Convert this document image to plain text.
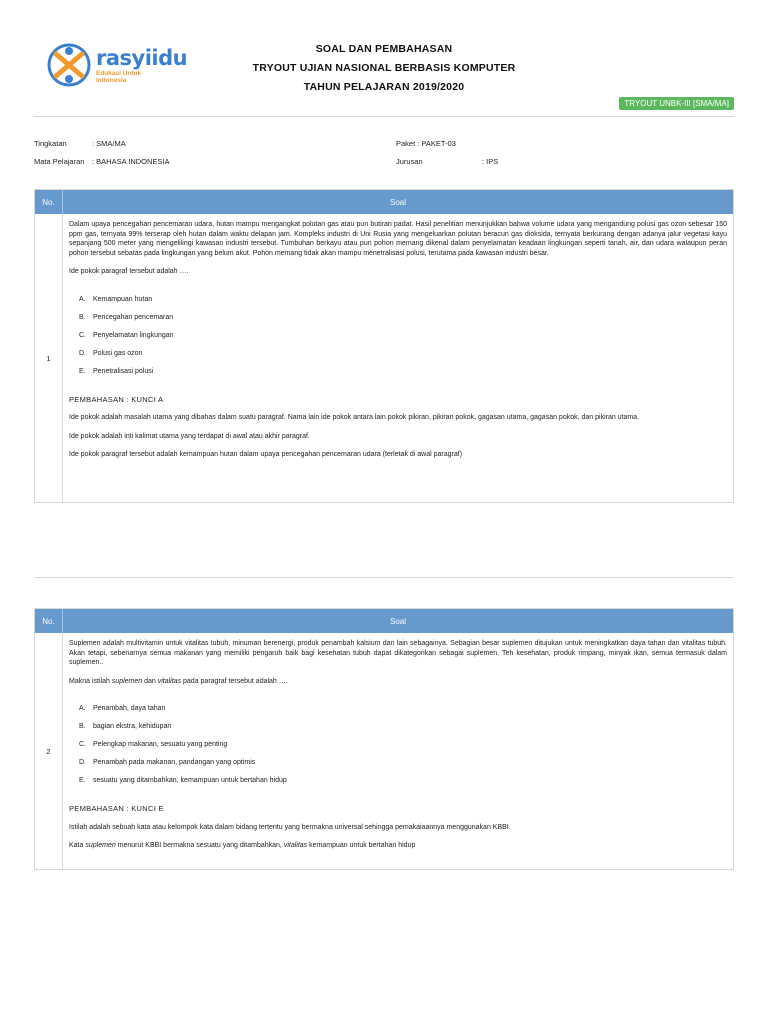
rasyiidu
Edukasi Untuk Indonesia
SOAL DAN PEMBAHASAN
TRYOUT UJIAN NASIONAL BERBASIS KOMPUTER
TAHUN PELAJARAN 2019/2020
TRYOUT UNBK-III [SMA/MA]
Tingkatan	: SMA/MA
Mata Pelajaran : BAHASA INDONESIA
Paket : PAKET-03
Jurusan	: IPS
No.	Soal
1
Dalam upaya pencegahan pencemaran udara, hutan mampu mengangkat polutan gas atau pun butiran padat. Hasil penelitian menunjukkan bahwa volume udara yang mengandung polusi gas ozon sebesar 150 ppm gas, ternyata 99% terserap oleh hutan dalam waktu delapan jam. Kompleks industri di Uni Rusia yang mengeluarkan polutan beracun gas dioksida, ternyata berkurang dengan adanya jalur vegetasi kayu sepanjang 500 meter yang mengelilingi kawasan industri tersebut. Tumbuhan berkayu atau pun pohon memang dikenal dalam penyelamatan keadaan lingkungan seperti tanah, air, dan udara walaupun peran pohon tersebut sebatas pada lingkungan yang belum akut. Pohon memang tidak akan mampu menetralisasi polusi, terutama pada kawasan industri besar.
Ide pokok paragraf tersebut adalah ….
A.	Kemampuan hutan
B.	Pencegahan pencemaran
C.	Penyelamatan lingkungan
D.	Polusi gas ozon
E.	Penetralisasi polusi
PEMBAHASAN : KUNCI A
Ide pokok adalah masalah utama yang dibahas dalam suatu paragraf. Nama lain ide pokok antara lain pokok pikiran, pikiran pokok, gagasan utama, gagasan pokok, dan pikiran utama.
Ide pokok adalah inti kalimat utama yang terdapat di awal atau akhir paragraf.
Ide pokok paragraf tersebut adalah kemampuan hutan dalam upaya pencegahan pencemaran udara (terletak di awal paragraf)
No.	Soal
2
Suplemen adalah multivitamin untuk vitalitas tubuh, minuman berenergi, produk penambah kalsium dan lain sebagainya. Sebagian besar suplemen ditujukan untuk meningkatkan daya tahan dan vitalitas tubuh. Akan tetapi, sebenarnya semua makanan yang memiliki pengaruh baik bagi kesehatan tubuh dapat dikategorikan sebagai suplemen. Teh kesehatan, produk rimpang, minyak ikan, semua termasuk dalam suplemen..
Makna istilah suplemen dan vitalitas pada paragraf tersebut adalah ….
A.	Penambah, daya tahan
B.	bagian ekstra, kehidupan
C.	Pelengkap makanan, sesuatu yang penting
D.	Penambah pada makanan, pandangan yang optimis
E.	sesuatu yang ditambahkan, kemampuan untuk bertahan hidup
PEMBAHASAN : KUNCI E
Istilah adalah sebuah kata atau kelompok kata dalam bidang tertentu yang bermakna universal sehingga pemakaiaannya menggunakan KBBI.
Kata suplemen menurut KBBI bermakna sesuatu yang ditambahkan, vitalitas kemampuan untuk bertahan hidup
